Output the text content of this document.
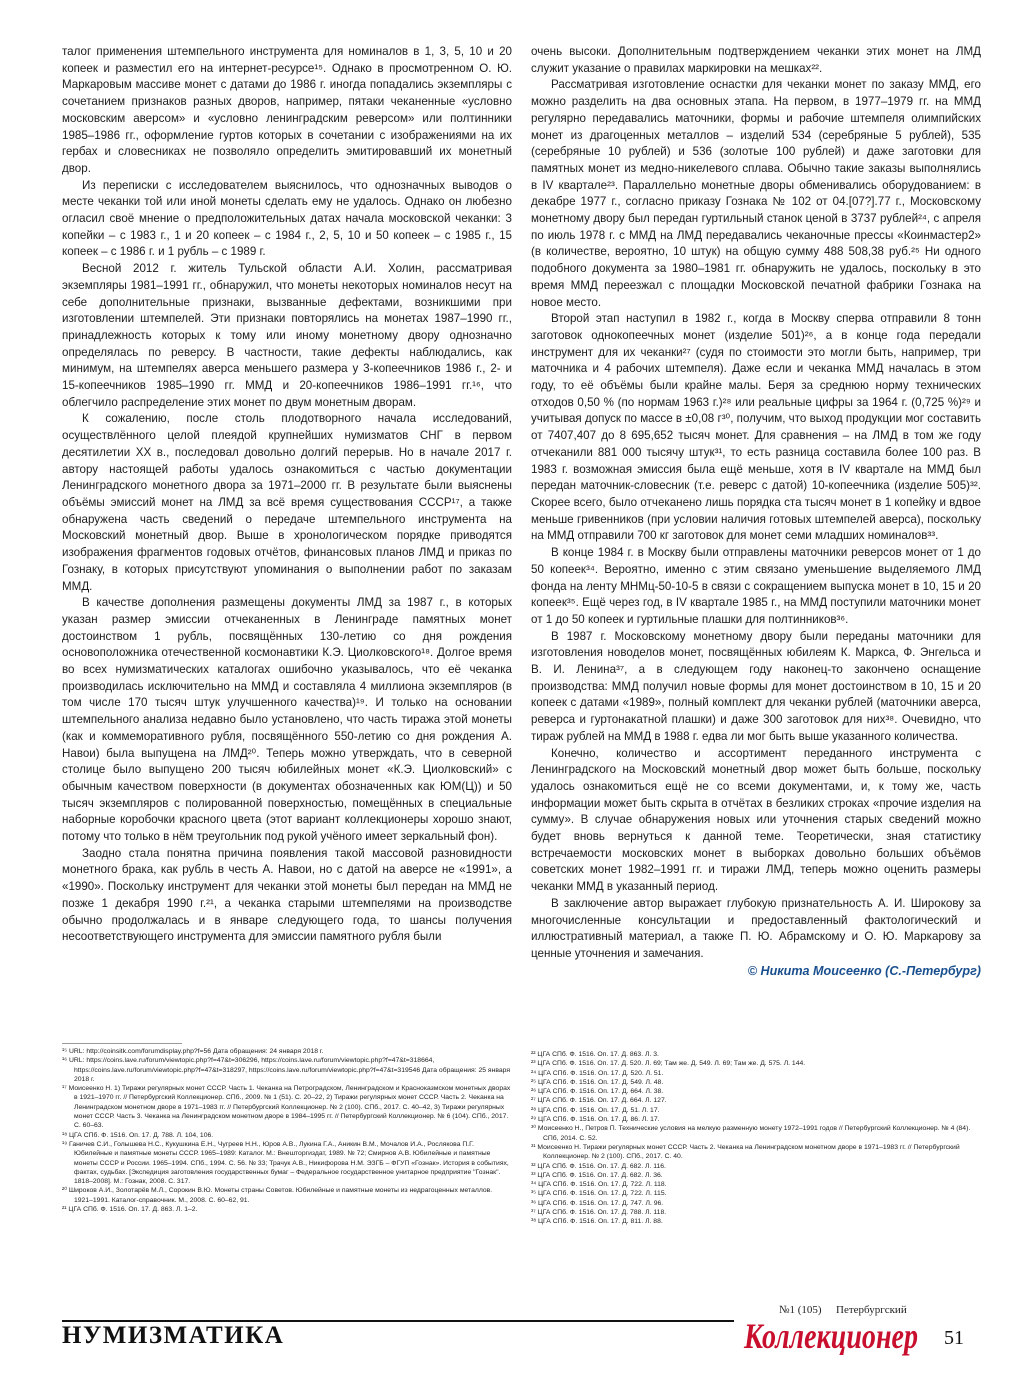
талог применения штемпельного инструмента для номиналов в 1, 3, 5, 10 и 20 копеек и разместил его на интернет-ресурсе¹⁵. Однако в просмотренном О. Ю. Маркаровым массиве монет с датами до 1986 г. иногда попадались экземпляры с сочетанием признаков разных дворов, например, пятаки чеканенные «условно московским аверсом» и «условно ленинградским реверсом» или полтинники 1985–1986 гг., оформление гуртов которых в сочетании с изображениями на их гербах и словесниках не позволяло определить эмитировавший их монетный двор.

Из переписки с исследователем выяснилось, что однозначных выводов о месте чеканки той или иной монеты сделать ему не удалось. Однако он любезно огласил своё мнение о предположительных датах начала московской чеканки: 3 копейки – с 1983 г., 1 и 20 копеек – с 1984 г., 2, 5, 10 и 50 копеек – с 1985 г., 15 копеек – с 1986 г. и 1 рубль – с 1989 г.

Весной 2012 г. житель Тульской области А.И. Холин, рассматривая экземпляры 1981–1991 гг., обнаружил, что монеты некоторых номиналов несут на себе дополнительные признаки, вызванные дефектами, возникшими при изготовлении штемпелей. Эти признаки повторялись на монетах 1987–1990 гг., принадлежность которых к тому или иному монетному двору однозначно определялась по реверсу. В частности, такие дефекты наблюдались, как минимум, на штемпелях аверса меньшего размера у 3-копеечников 1986 г., 2- и 15-копеечников 1985–1990 гг. ММД и 20-копеечников 1986–1991 гг.¹⁶, что облегчило распределение этих монет по двум монетным дворам.

К сожалению, после столь плодотворного начала исследований, осуществлённого целой плеядой крупнейших нумизматов СНГ в первом десятилетии XX в., последовал довольно долгий перерыв. Но в начале 2017 г. автору настоящей работы удалось ознакомиться с частью документации Ленинградского монетного двора за 1971–2000 гг. В результате были выяснены объёмы эмиссий монет на ЛМД за всё время существования СССР¹⁷, а также обнаружена часть сведений о передаче штемпельного инструмента на Московский монетный двор. Выше в хронологическом порядке приводятся изображения фрагментов годовых отчётов, финансовых планов ЛМД и приказ по Гознаку, в которых присутствуют упоминания о выполнении работ по заказам ММД.

В качестве дополнения размещены документы ЛМД за 1987 г., в которых указан размер эмиссии отчеканенных в Ленинграде памятных монет достоинством 1 рубль, посвящённых 130-летию со дня рождения основоположника отечественной космонавтики К.Э. Циолковского¹⁸. Долгое время во всех нумизматических каталогах ошибочно указывалось, что её чеканка производилась исключительно на ММД и составляла 4 миллиона экземпляров (в том числе 170 тысяч штук улучшенного качества)¹⁹. И только на основании штемпельного анализа недавно было установлено, что часть тиража этой монеты (как и коммеморативного рубля, посвящённого 550-летию со дня рождения А. Навои) была выпущена на ЛМД²⁰. Теперь можно утверждать, что в северной столице было выпущено 200 тысяч юбилейных монет «К.Э. Циолковский» с обычным качеством поверхности (в документах обозначенных как ЮМ(Ц)) и 50 тысяч экземпляров с полированной поверхностью, помещённых в специальные наборные коробочки красного цвета (этот вариант коллекционеры хорошо знают, потому что только в нём треугольник под рукой учёного имеет зеркальный фон).

Заодно стала понятна причина появления такой массовой разновидности монетного брака, как рубль в честь А. Навои, но с датой на аверсе не «1991», а «1990». Поскольку инструмент для чеканки этой монеты был передан на ММД не позже 1 декабря 1990 г.²¹, а чеканка старыми штемпелями на производстве обычно продолжалась и в январе следующего года, то шансы получения несоответствующего инструмента для эмиссии памятного рубля были

очень высоки. Дополнительным подтверждением чеканки этих монет на ЛМД служит указание о правилах маркировки на мешках²².

Рассматривая изготовление оснастки для чеканки монет по заказу ММД, его можно разделить на два основных этапа. На первом, в 1977–1979 гг. на ММД регулярно передавались маточники, формы и рабочие штемпеля олимпийских монет из драгоценных металлов – изделий 534 (серебряные 5 рублей), 535 (серебряные 10 рублей) и 536 (золотые 100 рублей) и даже заготовки для памятных монет из медно-никелевого сплава. Обычно такие заказы выполнялись в IV квартале²³. Параллельно монетные дворы обменивались оборудованием: в декабре 1977 г., согласно приказу Гознака № 102 от 04.[07?].77 г., Московскому монетному двору был передан гуртильный станок ценой в 3737 рублей²⁴, с апреля по июль 1978 г. с ММД на ЛМД передавались чеканочные прессы «Коинмастер2» (в количестве, вероятно, 10 штук) на общую сумму 488 508,38 руб.²⁵ Ни одного подобного документа за 1980–1981 гг. обнаружить не удалось, поскольку в это время ММД переезжал с площадки Московской печатной фабрики Гознака на новое место.

Второй этап наступил в 1982 г., когда в Москву сперва отправили 8 тонн заготовок однокопеечных монет (изделие 501)²⁶, а в конце года передали инструмент для их чеканки²⁷ (судя по стоимости это могли быть, например, три маточника и 4 рабочих штемпеля). Даже если и чеканка ММД началась в этом году, то её объёмы были крайне малы. Беря за среднюю норму технических отходов 0,50 % (по нормам 1963 г.)²⁸ или реальные цифры за 1964 г. (0,725 %)²⁹ и учитывая допуск по массе в ±0,08 г³⁰, получим, что выход продукции мог составить от 7407,407 до 8 695,652 тысяч монет. Для сравнения – на ЛМД в том же году отчеканили 881 000 тысячу штук³¹, то есть разница составила более 100 раз. В 1983 г. возможная эмиссия была ещё меньше, хотя в IV квартале на ММД был передан маточник-словесник (т.е. реверс с датой) 10-копеечника (изделие 505)³². Скорее всего, было отчеканено лишь порядка ста тысяч монет в 1 копейку и вдвое меньше гривенников (при условии наличия готовых штемпелей аверса), поскольку на ММД отправили 700 кг заготовок для монет семи младших номиналов³³.

В конце 1984 г. в Москву были отправлены маточники реверсов монет от 1 до 50 копеек³⁴. Вероятно, именно с этим связано уменьшение выделяемого ЛМД фонда на ленту МНМц-50-10-5 в связи с сокращением выпуска монет в 10, 15 и 20 копеек³⁵. Ещё через год, в IV квартале 1985 г., на ММД поступили маточники монет от 1 до 50 копеек и гуртильные плашки для полтинников³⁶.

В 1987 г. Московскому монетному двору были переданы маточники для изготовления новоделов монет, посвящённых юбилеям К. Маркса, Ф. Энгельса и В. И. Ленина³⁷, а в следующем году наконец-то закончено оснащение производства: ММД получил новые формы для монет достоинством в 10, 15 и 20 копеек с датами «1989», полный комплект для чеканки рублей (маточники аверса, реверса и гуртонакатной плашки) и даже 300 заготовок для них³⁸. Очевидно, что тираж рублей на ММД в 1988 г. едва ли мог быть выше указанного количества.

Конечно, количество и ассортимент переданного инструмента с Ленинградского на Московский монетный двор может быть больше, поскольку удалось ознакомиться ещё не со всеми документами, и, к тому же, часть информации может быть скрыта в отчётах в безликих строках «прочие изделия на сумму». В случае обнаружения новых или уточнения старых сведений можно будет вновь вернуться к данной теме. Теоретически, зная статистику встречаемости московских монет в выборках довольно больших объёмов советских монет 1982–1991 гг. и тиражи ЛМД, теперь можно оценить размеры чеканки ММД в указанный период.

В заключение автор выражает глубокую признательность А. И. Широкову за многочисленные консультации и предоставленный фактологический и иллюстративный материал, а также П. Ю. Абрамскому и О. Ю. Маркарову за ценные уточнения и замечания.

© Никита Моисеенко (С.-Петербург)

¹⁵ URL: http://coinsitk.com/forumdisplay.php?f=56 Дата обращения: 24 января 2018 г.
¹⁶ URL: https://coins.lave.ru/forum/viewtopic.php?f=47&t=306296, https://coins.lave.ru/forum/viewtopic.php?f=47&t=318664, https://coins.lave.ru/forum/viewtopic.php?f=47&t=318297, https://coins.lave.ru/forum/viewtopic.php?f=47&t=319546 Дата обращения: 25 января 2018 г.
¹⁷ Моисеенко Н. 1) Тиражи регулярных монет СССР. Часть 1. Чеканка на Петроградском, Ленинградском и Красноказмском монетных дворах в 1921–1970 гг. // Петербургский Коллекционер. СПб., 2009. № 1 (51). С. 20–22, 2) Тиражи регулярных монет СССР. Часть 2. Чеканка на Ленинградском монетном дворе в 1971–1983 гг. // Петербургский Коллекционер. № 2 (100). СПб., 2017. С. 40–42, 3) Тиражи регулярных монет СССР. Часть 3. Чеканка на Ленинградском монетном дворе в 1984–1995 гг. // Петербургский Коллекционер. № 6 (104). СПб., 2017. С. 60–63.
¹⁸ ЦГА СПб. Ф. 1516. Оп. 17. Д. 788. Л. 104, 106.
¹⁹ Ганичев С.И., Голышева Н.С., Кукушкина Е.Н., Чугреев Н.Н., Юров А.В., Лукина Г.А., Аникин В.М., Мочалов И.А., Рослякова П.Г. Юбилейные и памятные монеты СССР. 1965–1989: Каталог. М.: Внешторгиздат, 1989. № 72; Смирнов А.В. Юбилейные и памятные монеты СССР и России. 1965–1994. СПб., 1994. С. 56. № 33; Трачук А.В., Никифорова Н.М. ЭЗГБ – ФГУП «Гознак». История в событиях, фактах, судьбах. [Экспедиция заготовления государственных бумаг – Федеральное государственное унитарное предприятие "Гознак". 1818–2008]. М.: Гознак, 2008. С. 317.
²⁰ Широков А.И., Золотарёв М.Л., Сорокин В.Ю. Монеты страны Советов. Юбилейные и памятные монеты из недрагоценных металлов. 1921–1991. Каталог-справочник. М., 2008. С. 60–62, 91.
²¹ ЦГА СПб. Ф. 1516. Оп. 17. Д. 863. Л. 1–2.
²² ЦГА СПб. Ф. 1516. Оп. 17. Д. 863. Л. 3.
²³ ЦГА СПб. Ф. 1516. Оп. 17. Д. 520. Л. 69; Там же. Д. 549. Л. 69; Там же. Д. 575. Л. 144.
²⁴ ЦГА СПб. Ф. 1516. Оп. 17. Д. 520. Л. 51.
²⁵ ЦГА СПб. Ф. 1516. Оп. 17. Д. 549. Л. 48.
²⁶ ЦГА СПб. Ф. 1516. Оп. 17. Д. 664. Л. 38.
²⁷ ЦГА СПб. Ф. 1516. Оп. 17. Д. 664. Л. 127.
²⁸ ЦГА СПб. Ф. 1516. Оп. 17. Д. 51. Л. 17.
²⁹ ЦГА СПб. Ф. 1516. Оп. 17. Д. 86. Л. 17.
³⁰ Моисеенко Н., Петров П. Технические условия на мелкую разменную монету 1972–1991 годов // Петербургский Коллекционер. № 4 (84). СПб, 2014. С. 52.
³¹ Моисеенко Н. Тиражи регулярных монет СССР. Часть 2. Чеканка на Ленинградском монетном дворе в 1971–1983 гг. // Петербургский Коллекционер. № 2 (100). СПб., 2017. С. 40.
³² ЦГА СПб. Ф. 1516. Оп. 17. Д. 682. Л. 116.
³³ ЦГА СПб. Ф. 1516. Оп. 17. Д. 682. Л. 36.
³⁴ ЦГА СПб. Ф. 1516. Оп. 17. Д. 722. Л. 118.
³⁵ ЦГА СПб. Ф. 1516. Оп. 17. Д. 722. Л. 115.
³⁶ ЦГА СПб. Ф. 1516. Оп. 17. Д. 747. Л. 96.
³⁷ ЦГА СПб. Ф. 1516. Оп. 17. Д. 788. Л. 118.
³⁸ ЦГА СПб. Ф. 1516. Оп. 17. Д. 811. Л. 88.
НУМИЗМАТИКА
№1 (105) Петербургский
Коллекционер 51
